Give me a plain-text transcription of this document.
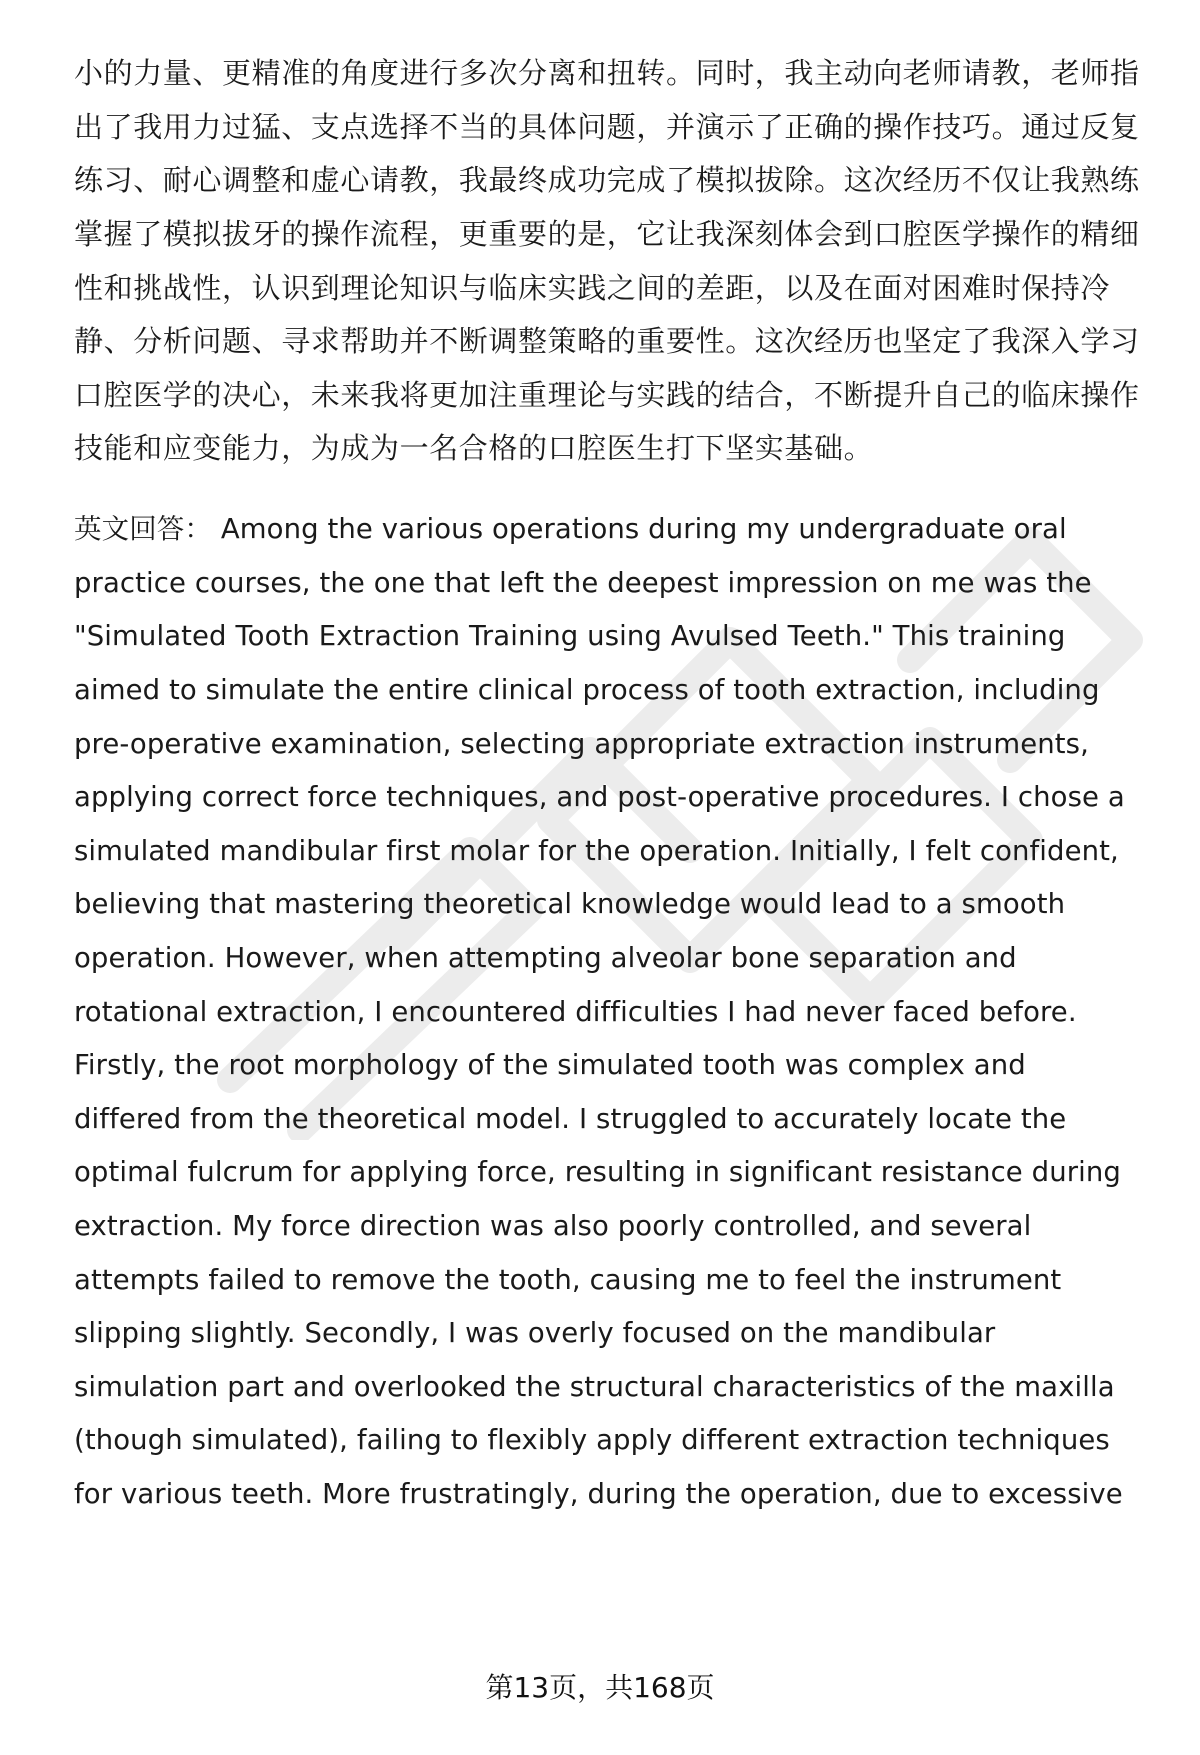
小的力量、更精准的角度进行多次分离和扭转。同时，我主动向老师请教，老师指
出了我用力过猛、支点选择不当的具体问题，并演示了正确的操作技巧。通过反复
练习、耐心调整和虚心请教，我最终成功完成了模拟拔除。这次经历不仅让我熟练
掌握了模拟拔牙的操作流程，更重要的是，它让我深刻体会到口腔医学操作的精细
性和挑战性，认识到理论知识与临床实践之间的差距，以及在面对困难时保持冷
静、分析问题、寻求帮助并不断调整策略的重要性。这次经历也坚定了我深入学习
口腔医学的决心，未来我将更加注重理论与实践的结合，不断提升自己的临床操作
技能和应变能力，为成为一名合格的口腔医生打下坚实基础。
英文回答： Among the various operations during my undergraduate oral
practice courses, the one that left the deepest impression on me was the
"Simulated Tooth Extraction Training using Avulsed Teeth." This training
aimed to simulate the entire clinical process of tooth extraction, including
pre-operative examination, selecting appropriate extraction instruments,
applying correct force techniques, and post-operative procedures. I chose a
simulated mandibular first molar for the operation. Initially, I felt confident,
believing that mastering theoretical knowledge would lead to a smooth
operation. However, when attempting alveolar bone separation and
rotational extraction, I encountered difficulties I had never faced before.
Firstly, the root morphology of the simulated tooth was complex and
differed from the theoretical model. I struggled to accurately locate the
optimal fulcrum for applying force, resulting in significant resistance during
extraction. My force direction was also poorly controlled, and several
attempts failed to remove the tooth, causing me to feel the instrument
slipping slightly. Secondly, I was overly focused on the mandibular
simulation part and overlooked the structural characteristics of the maxilla
(though simulated), failing to flexibly apply different extraction techniques
for various teeth. More frustratingly, during the operation, due to excessive
第13页，共168页
